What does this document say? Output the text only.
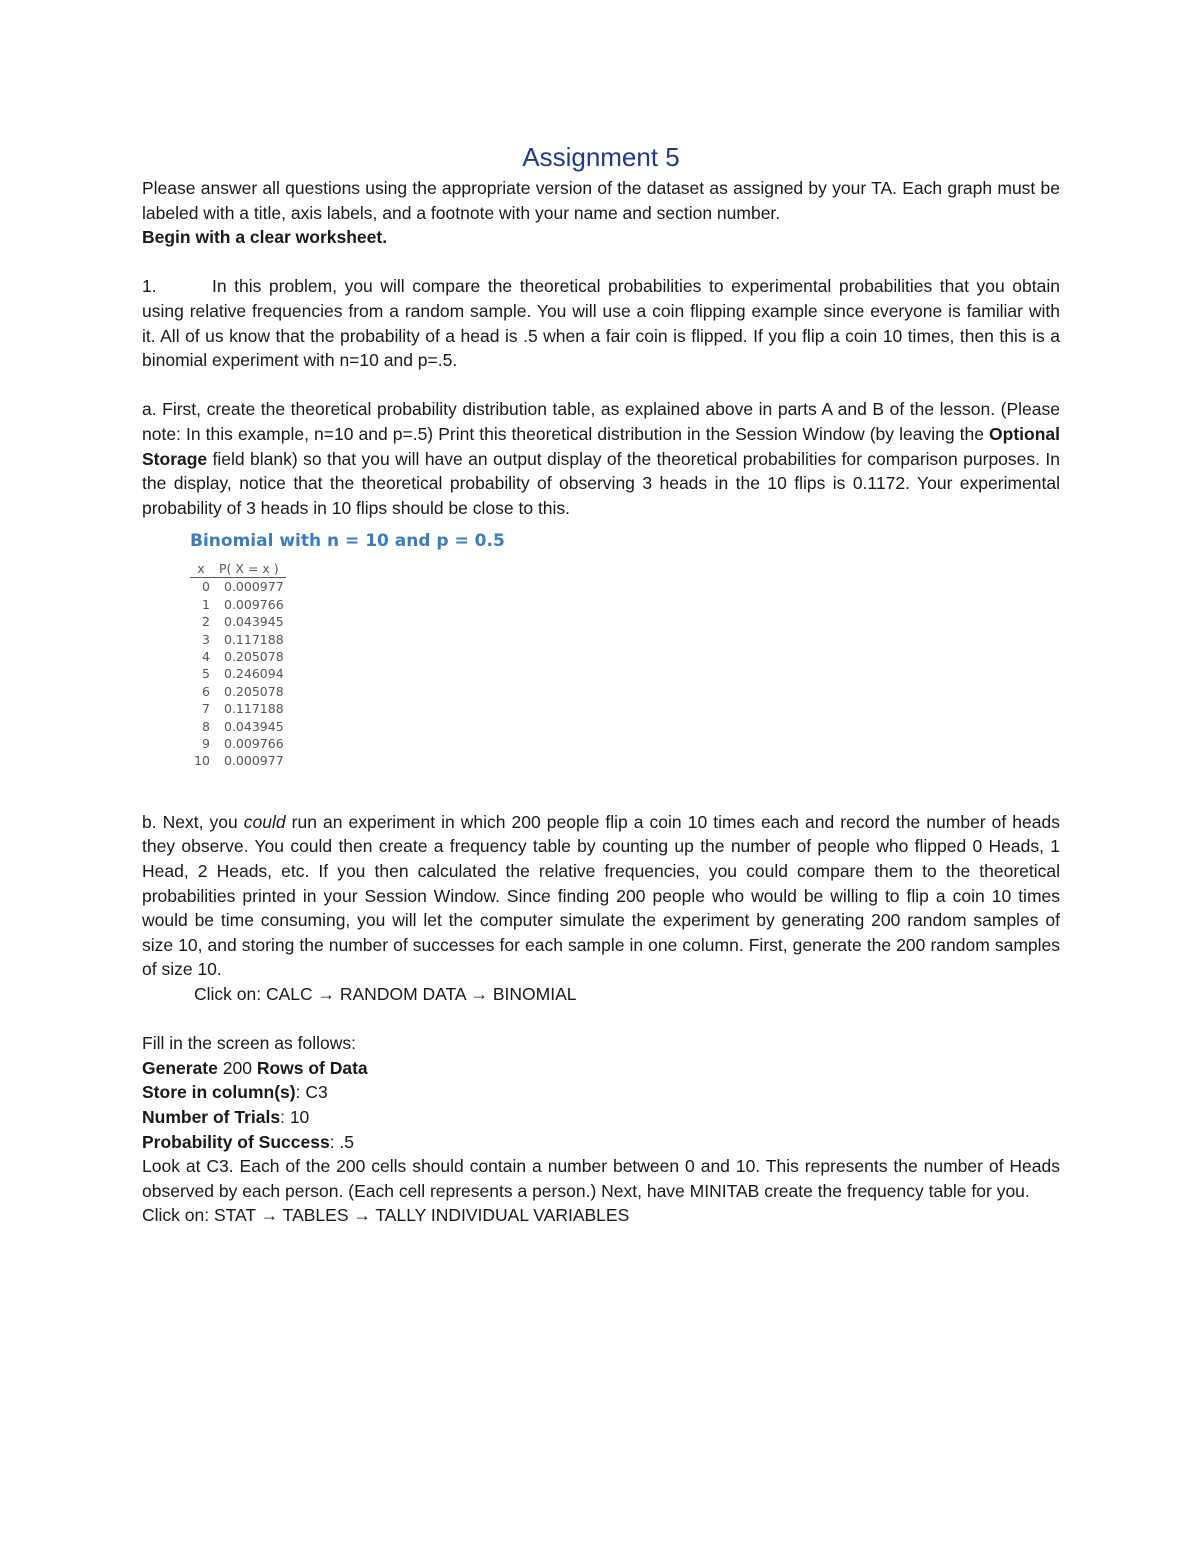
Assignment 5

Please answer all questions using the appropriate version of the dataset as assigned by your TA. Each graph must be labeled with a title, axis labels, and a footnote with your name and section number.

Begin with a clear worksheet.

1.	In this problem, you will compare the theoretical probabilities to experimental probabilities that you obtain using relative frequencies from a random sample. You will use a coin flipping example since everyone is familiar with it. All of us know that the probability of a head is .5 when a fair coin is flipped. If you flip a coin 10 times, then this is a binomial experiment with n=10 and p=.5.

a. First, create the theoretical probability distribution table, as explained above in parts A and B of the lesson. (Please note: In this example, n=10 and p=.5) Print this theoretical distribution in the Session Window (by leaving the Optional Storage field blank) so that you will have an output display of the theoretical probabilities for comparison purposes. In the display, notice that the theoretical probability of observing 3 heads in the 10 flips is 0.1172. Your experimental probability of 3 heads in 10 flips should be close to this.

Binomial with n = 10 and p = 0.5
x	P( X = x )
0	0.000977
1	0.009766
2	0.043945
3	0.117188
4	0.205078
5	0.246094
6	0.205078
7	0.117188
8	0.043945
9	0.009766
10	0.000977

b. Next, you could run an experiment in which 200 people flip a coin 10 times each and record the number of heads they observe. You could then create a frequency table by counting up the number of people who flipped 0 Heads, 1 Head, 2 Heads, etc. If you then calculated the relative frequencies, you could compare them to the theoretical probabilities printed in your Session Window. Since finding 200 people who would be willing to flip a coin 10 times would be time consuming, you will let the computer simulate the experiment by generating 200 random samples of size 10, and storing the number of successes for each sample in one column. First, generate the 200 random samples of size 10.

Click on: CALC → RANDOM DATA → BINOMIAL

Fill in the screen as follows:

Generate 200 Rows of Data

Store in column(s): C3

Number of Trials: 10

Probability of Success: .5

Look at C3. Each of the 200 cells should contain a number between 0 and 10. This represents the number of Heads observed by each person. (Each cell represents a person.) Next, have MINITAB create the frequency table for you.

Click on: STAT → TABLES → TALLY INDIVIDUAL VARIABLES
